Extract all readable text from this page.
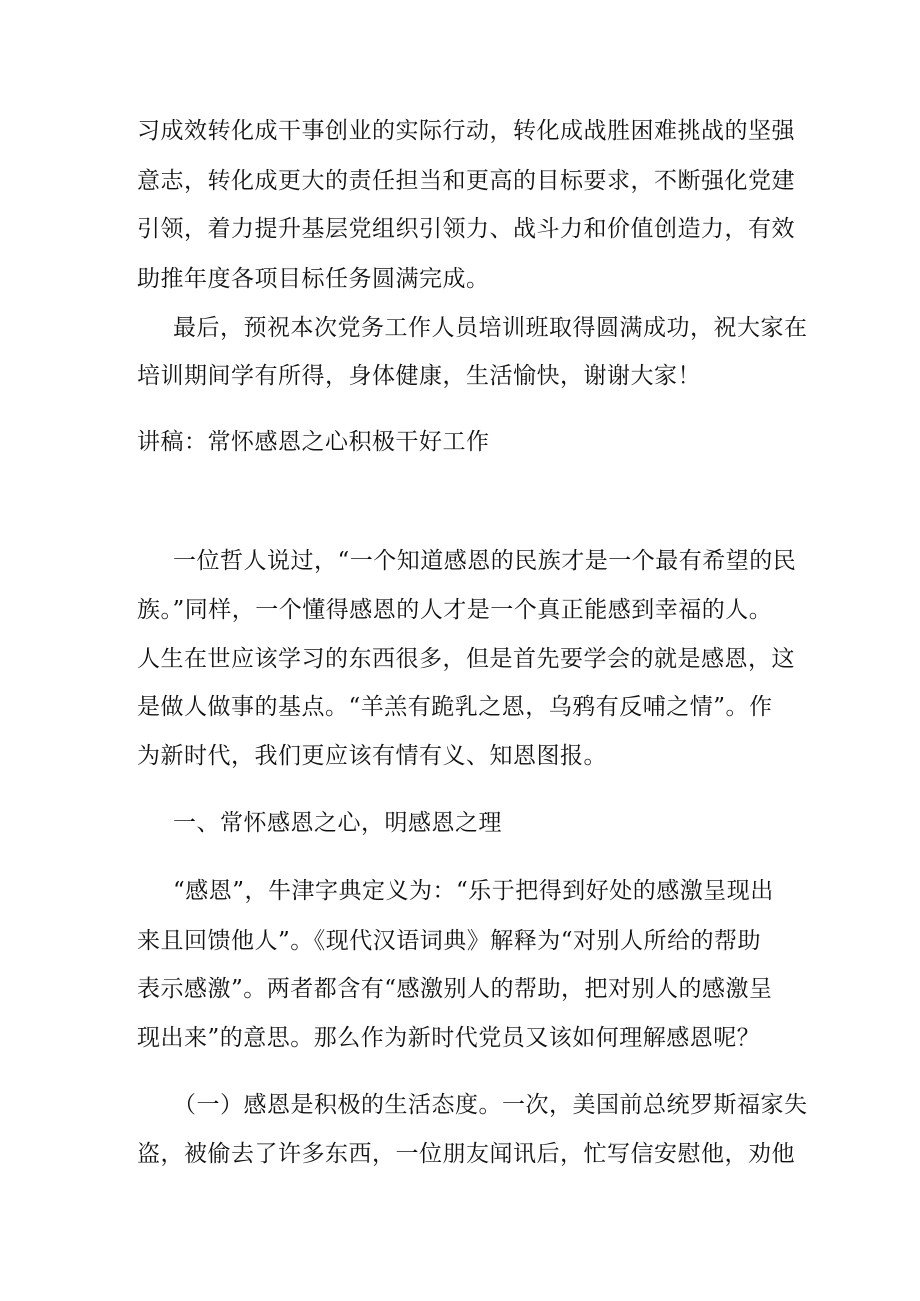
习成效转化成干事创业的实际行动，转化成战胜困难挑战的坚强
意志，转化成更大的责任担当和更高的目标要求，不断强化党建
引领，着力提升基层党组织引领力、战斗力和价值创造力，有效
助推年度各项目标任务圆满完成。
最后，预祝本次党务工作人员培训班取得圆满成功，祝大家在
培训期间学有所得，身体健康，生活愉快，谢谢大家！
讲稿：常怀感恩之心积极干好工作
一位哲人说过，“一个知道感恩的民族才是一个最有希望的民
族。”同样，一个懂得感恩的人才是一个真正能感到幸福的人。
人生在世应该学习的东西很多，但是首先要学会的就是感恩，这
是做人做事的基点。“羊羔有跪乳之恩，乌鸦有反哺之情”。作
为新时代，我们更应该有情有义、知恩图报。
一、常怀感恩之心，明感恩之理
“感恩”，牛津字典定义为：“乐于把得到好处的感激呈现出
来且回馈他人”。《现代汉语词典》解释为“对别人所给的帮助
表示感激”。两者都含有“感激别人的帮助，把对别人的感激呈
现出来”的意思。那么作为新时代党员又该如何理解感恩呢？
（一）感恩是积极的生活态度。一次，美国前总统罗斯福家失
盗，被偷去了许多东西，一位朋友闻讯后，忙写信安慰他，劝他
